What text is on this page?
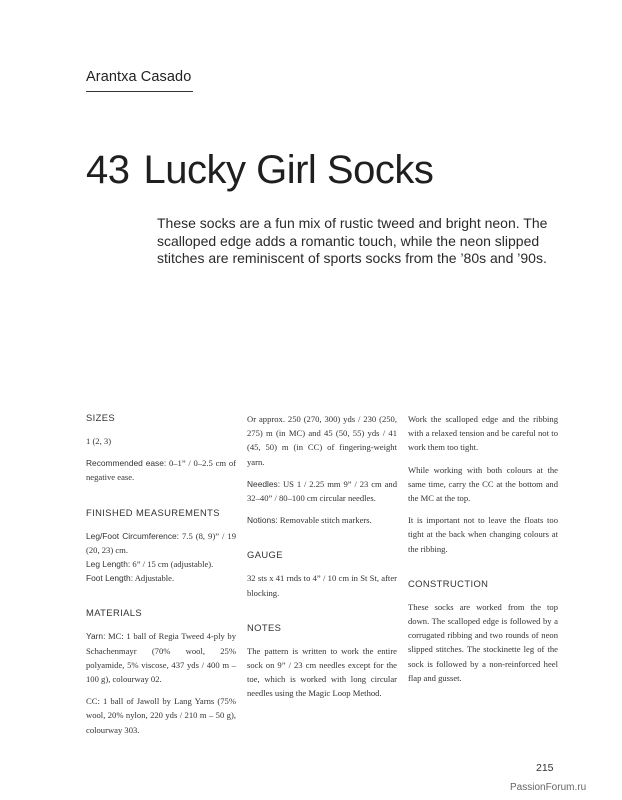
Arantxa Casado
43 Lucky Girl Socks
These socks are a fun mix of rustic tweed and bright neon. The scalloped edge adds a romantic touch, while the neon slipped stitches are reminiscent of sports socks from the ’80s and ’90s.
SIZES

1 (2, 3)

Recommended ease: 0–1” / 0–2.5 cm of negative ease.

FINISHED MEASUREMENTS

Leg/Foot Circumference: 7.5 (8, 9)” / 19 (20, 23) cm.

Leg Length: 6” / 15 cm (adjustable).

Foot Length: Adjustable.

MATERIALS

Yarn: MC: 1 ball of Regia Tweed 4-ply by Schachenmayr (70% wool, 25% polyamide, 5% viscose, 437 yds / 400 m – 100 g), colourway 02.

CC: 1 ball of Jawoll by Lang Yarns (75% wool, 20% nylon, 220 yds / 210 m – 50 g), colourway 303.

Or approx. 250 (270, 300) yds / 230 (250, 275) m (in MC) and 45 (50, 55) yds / 41 (45, 50) m (in CC) of fingering-weight yarn.

Needles: US 1 / 2.25 mm 9” / 23 cm and 32–40” / 80–100 cm circular needles.

Notions: Removable stitch markers.

GAUGE

32 sts x 41 rnds to 4” / 10 cm in St St, after blocking.

NOTES

The pattern is written to work the entire sock on 9” / 23 cm needles except for the toe, which is worked with long circular needles using the Magic Loop Method.

Work the scalloped edge and the ribbing with a relaxed tension and be careful not to work them too tight.

While working with both colours at the same time, carry the CC at the bottom and the MC at the top.

It is important not to leave the floats too tight at the back when changing colours at the ribbing.

CONSTRUCTION

These socks are worked from the top down. The scalloped edge is followed by a corrugated ribbing and two rounds of neon slipped stitches. The stockinette leg of the sock is followed by a non-reinforced heel flap and gusset.

215
PassionForum.ru
